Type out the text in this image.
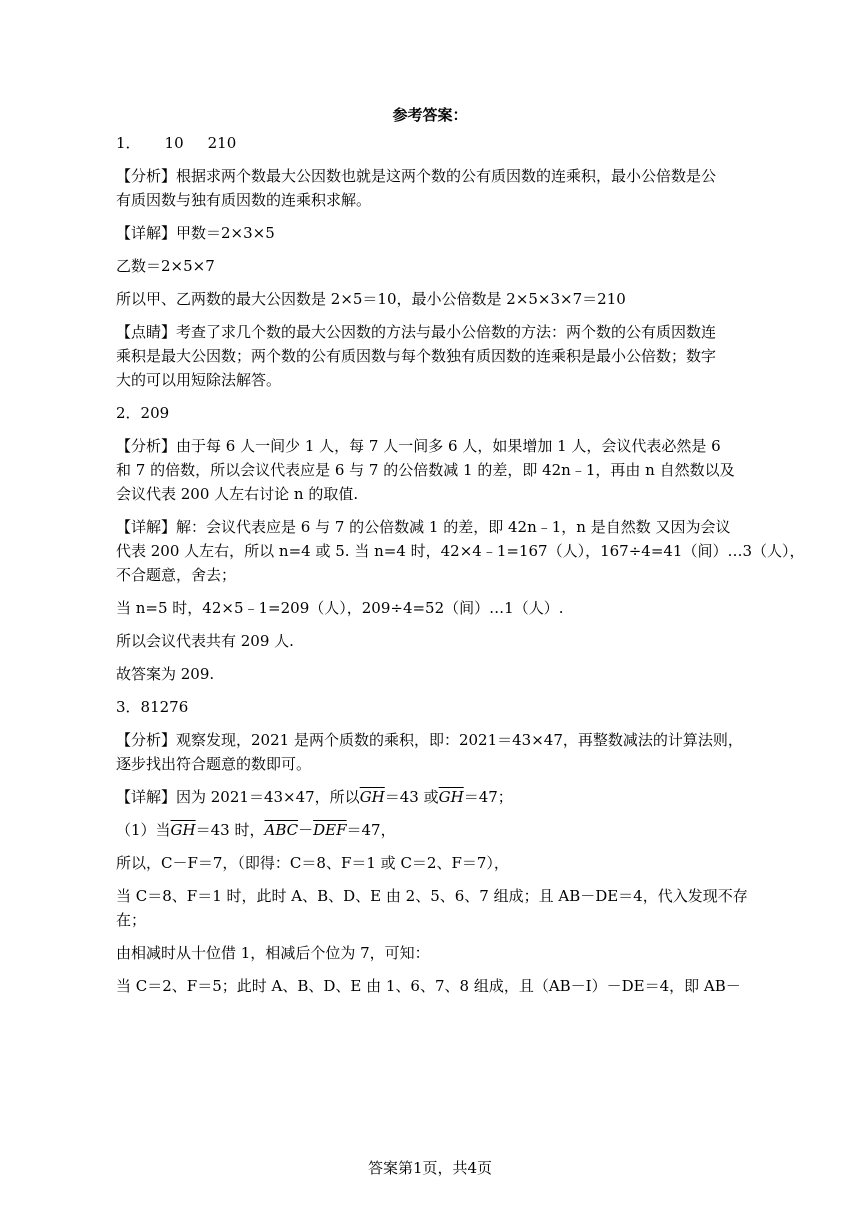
参考答案：

1． 10 210

【分析】根据求两个数最大公因数也就是这两个数的公有质因数的连乘积，最小公倍数是公

有质因数与独有质因数的连乘积求解。

【详解】甲数＝2×3×5

乙数＝2×5×7

所以甲、乙两数的最大公因数是 2×5＝10，最小公倍数是 2×5×3×7＝210

【点睛】考查了求几个数的最大公因数的方法与最小公倍数的方法：两个数的公有质因数连

乘积是最大公因数；两个数的公有质因数与每个数独有质因数的连乘积是最小公倍数；数字

大的可以用短除法解答。

2．209

【分析】由于每 6 人一间少 1 人，每 7 人一间多 6 人，如果增加 1 人，会议代表必然是 6

和 7 的倍数，所以会议代表应是 6 与 7 的公倍数减 1 的差，即 42n﹣1，再由 n 自然数以及

会议代表 200 人左右讨论 n 的取值.

【详解】解：会议代表应是 6 与 7 的公倍数减 1 的差，即 42n﹣1，n 是自然数 又因为会议

代表 200 人左右，所以 n=4 或 5. 当 n=4 时，42×4﹣1=167（人），167÷4=41（间）…3（人），

不合题意，舍去；

当 n=5 时，42×5﹣1=209（人），209÷4=52（间）…1（人）.

所以会议代表共有 209 人.

故答案为 209.

3．81276

【分析】观察发现，2021 是两个质数的乘积，即：2021＝43×47，再整数减法的计算法则，

逐步找出符合题意的数即可。

【详解】因为 2021＝43×47，所以$\overline{GH}=43$ 或$\overline{GH}=47$；

（1）当$\overline{GH}=43$ 时，$\overline{ABC}-\overline{DEF}=47$，

所以，C－F＝7，（即得：C＝8、F＝1 或 C＝2、F＝7），

当 C＝8、F＝1 时，此时 A、B、D、E 由 2、5、6、7 组成；且 AB－DE＝4，代入发现不存

在；

由相减时从十位借 1，相减后个位为 7，可知：

当 C＝2、F＝5；此时 A、B、D、E 由 1、6、7、8 组成，且（AB－I）－DE＝4，即 AB－

答案第1页，共4页
